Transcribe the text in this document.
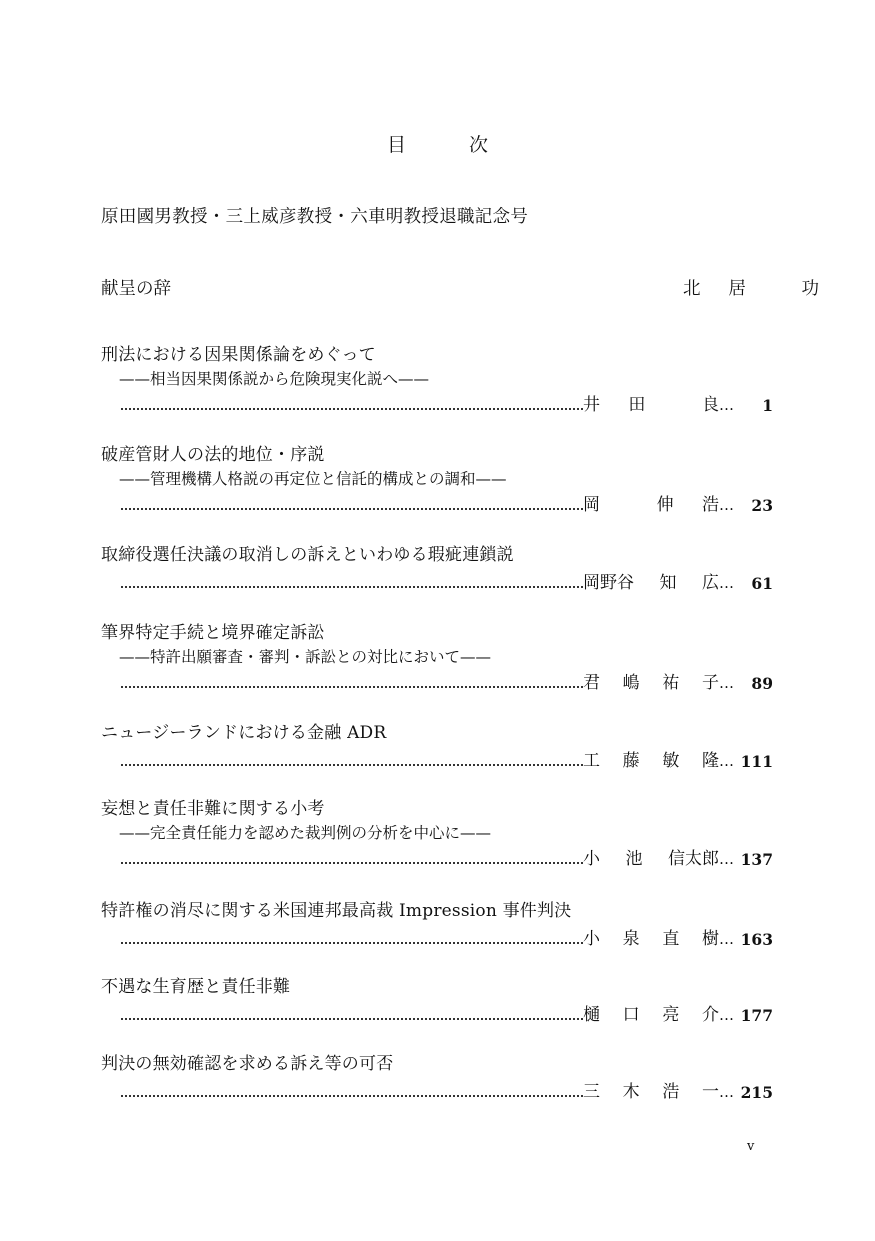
目　次
原田國男教授・三上威彦教授・六車明教授退職記念号
献呈の辞	北 居	功
刑法における因果関係論をめぐって
——相当因果関係説から危険現実化説へ——
井 田	良 … 1
破産管財人の法的地位・序説
——管理機構人格説の再定位と信託的構成との調和——
岡	伸 浩 … 23
取締役選任決議の取消しの訴えといわゆる瑕疵連鎖説
岡野谷 知 広 … 61
筆界特定手続と境界確定訴訟
——特許出願審査・審判・訴訟との対比において——
君 嶋 祐 子 … 89
ニュージーランドにおける金融 ADR
工 藤 敏 隆 … 111
妄想と責任非難に関する小考
——完全責任能力を認めた裁判例の分析を中心に——
小 池 信太郎 … 137
特許権の消尽に関する米国連邦最高裁 Impression 事件判決
小 泉 直 樹 … 163
不遇な生育歴と責任非難
樋 口 亮 介 … 177
判決の無効確認を求める訴え等の可否
三 木 浩 一 … 215
v
